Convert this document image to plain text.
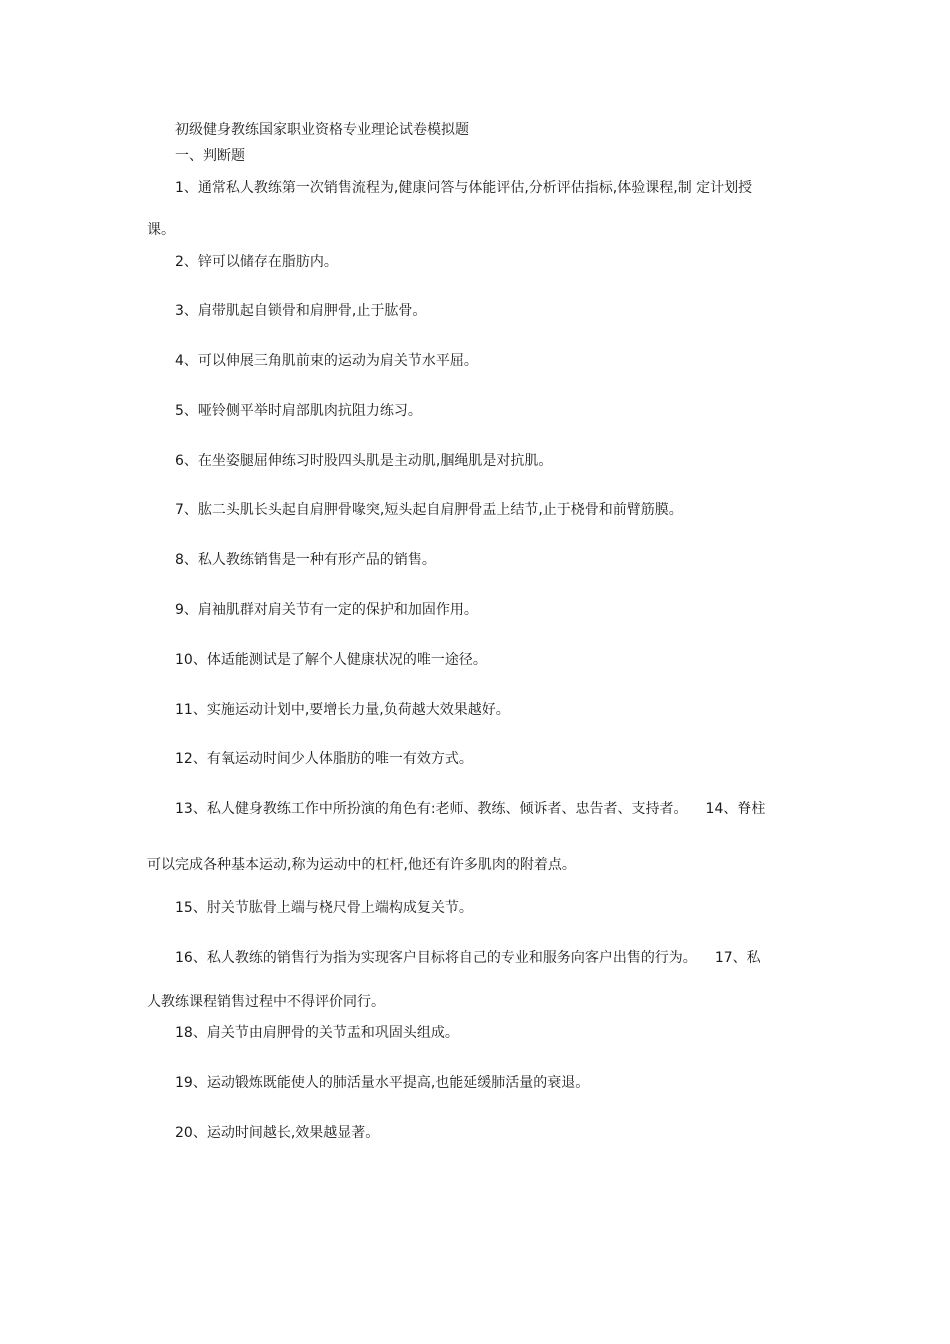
初级健身教练国家职业资格专业理论试卷模拟题
一、判断题
1、通常私人教练第一次销售流程为,健康问答与体能评估,分析评估指标,体验课程,制 定计划授
课。
2、锌可以储存在脂肪内。
3、肩带肌起自锁骨和肩胛骨,止于肱骨。
4、可以伸展三角肌前束的运动为肩关节水平屈。
5、哑铃侧平举时肩部肌肉抗阻力练习。
6、在坐姿腿屈伸练习时股四头肌是主动肌,腘绳肌是对抗肌。
7、肱二头肌长头起自肩胛骨喙突,短头起自肩胛骨盂上结节,止于桡骨和前臂筋膜。
8、私人教练销售是一种有形产品的销售。
9、肩袖肌群对肩关节有一定的保护和加固作用。
10、体适能测试是了解个人健康状况的唯一途径。
11、实施运动计划中,要增长力量,负荷越大效果越好。
12、有氧运动时间少人体脂肪的唯一有效方式。
13、私人健身教练工作中所扮演的角色有:老师、教练、倾诉者、忠告者、支持者。 14、脊柱
可以完成各种基本运动,称为运动中的杠杆,他还有许多肌肉的附着点。
15、肘关节肱骨上端与桡尺骨上端构成复关节。
16、私人教练的销售行为指为实现客户目标将自己的专业和服务向客户出售的行为。 17、私
人教练课程销售过程中不得评价同行。
18、肩关节由肩胛骨的关节盂和巩固头组成。
19、运动锻炼既能使人的肺活量水平提高,也能延缓肺活量的衰退。
20、运动时间越长,效果越显著。
